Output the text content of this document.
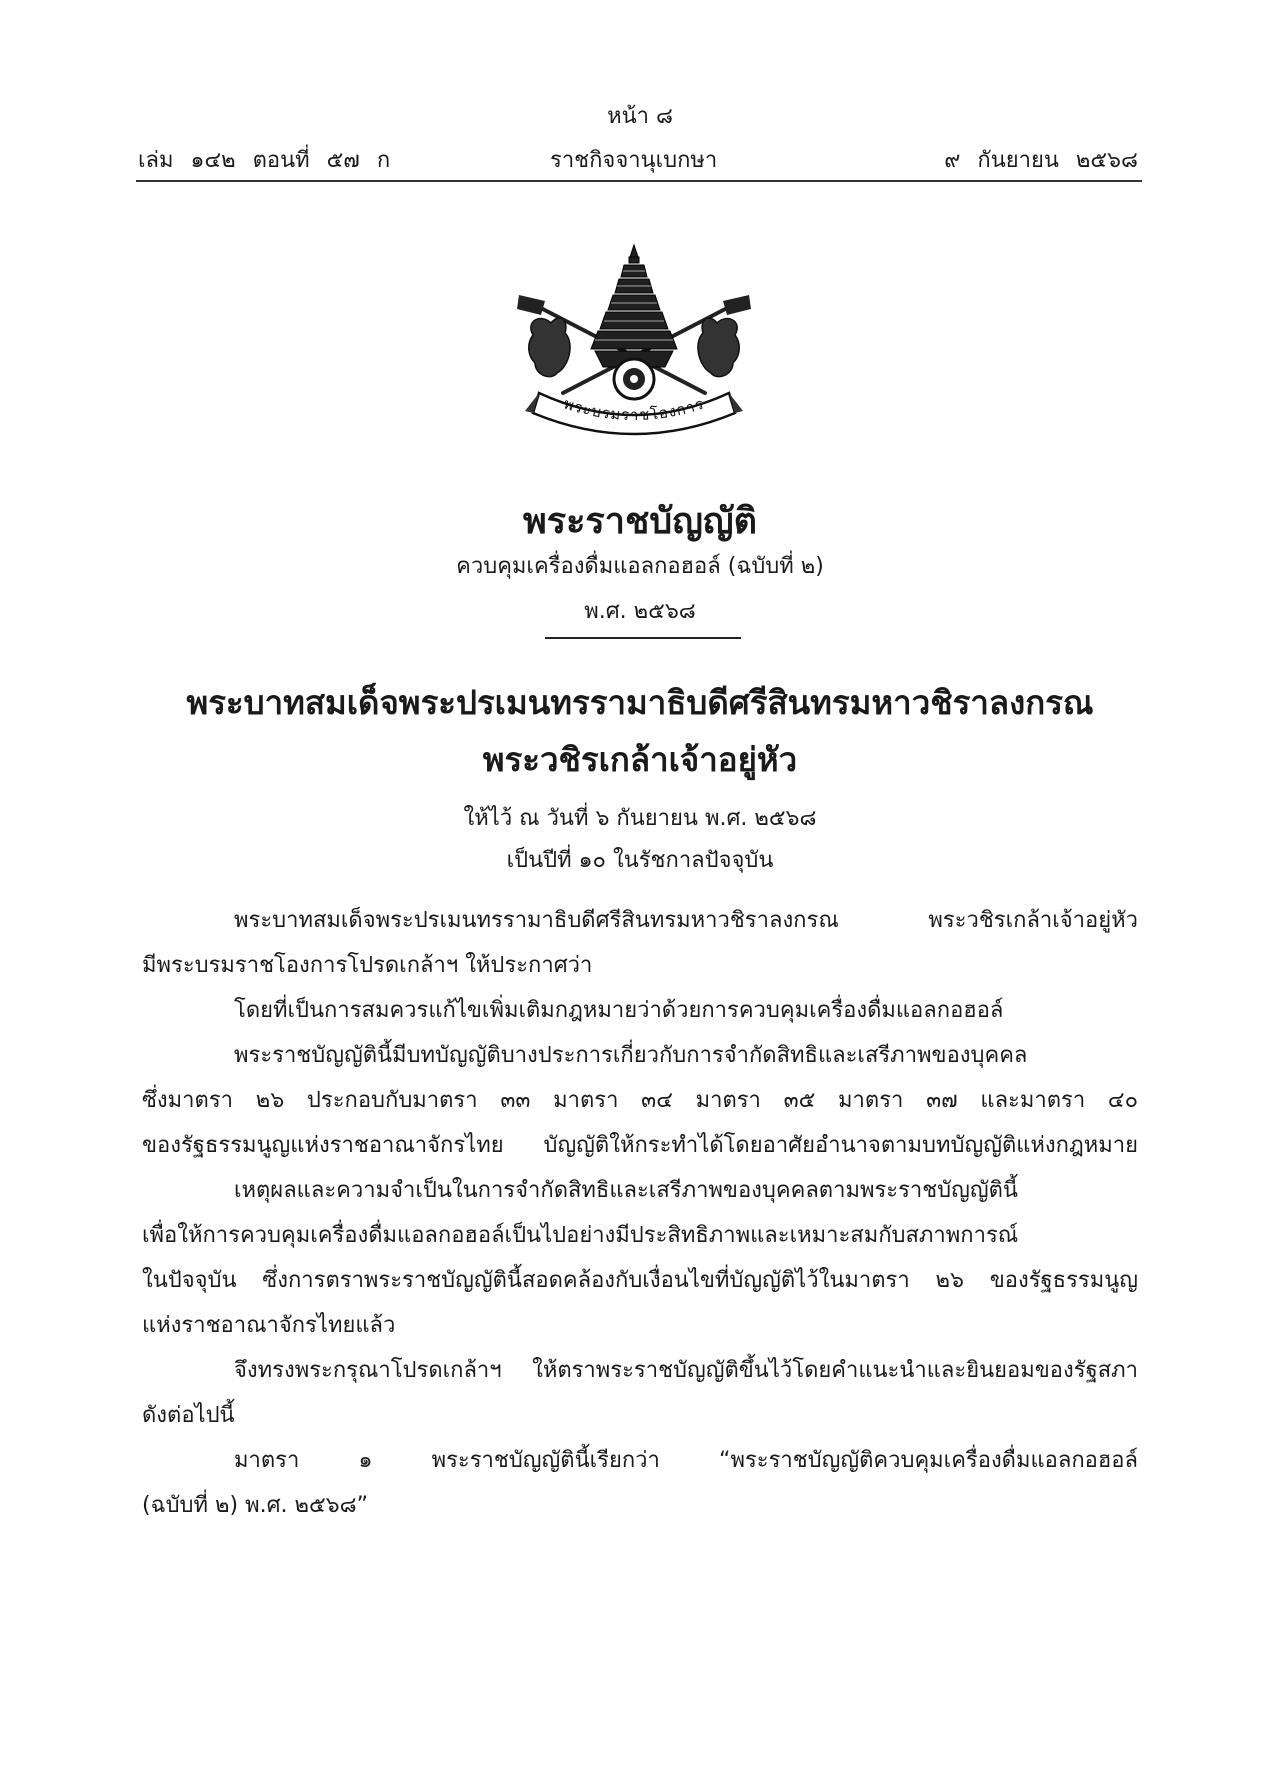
หน้า ๘
เล่ม ๑๔๒ ตอนที่ ๕๗ ก	ราชกิจจานุเบกษา	๙ กันยายน ๒๕๖๘
พระบรมราชโองการ
พระราชบัญญัติ
ควบคุมเครื่องดื่มแอลกอฮอล์ (ฉบับที่ ๒)
พ.ศ. ๒๕๖๘
พระบาทสมเด็จพระปรเมนทรรามาธิบดีศรีสินทรมหาวชิราลงกรณ
พระวชิรเกล้าเจ้าอยู่หัว
ให้ไว้ ณ วันที่ ๖ กันยายน พ.ศ. ๒๕๖๘
เป็นปีที่ ๑๐ ในรัชกาลปัจจุบัน
พระบาทสมเด็จพระปรเมนทรรามาธิบดีศรีสินทรมหาวชิราลงกรณ พระวชิรเกล้าเจ้าอยู่หัว
มีพระบรมราชโองการโปรดเกล้าฯ ให้ประกาศว่า
โดยที่เป็นการสมควรแก้ไขเพิ่มเติมกฎหมายว่าด้วยการควบคุมเครื่องดื่มแอลกอฮอล์
พระราชบัญญัตินี้มีบทบัญญัติบางประการเกี่ยวกับการจำกัดสิทธิและเสรีภาพของบุคคล
ซึ่งมาตรา ๒๖ ประกอบกับมาตรา ๓๓ มาตรา ๓๔ มาตรา ๓๕ มาตรา ๓๗ และมาตรา ๔๐
ของรัฐธรรมนูญแห่งราชอาณาจักรไทย บัญญัติให้กระทำได้โดยอาศัยอำนาจตามบทบัญญัติแห่งกฎหมาย
เหตุผลและความจำเป็นในการจำกัดสิทธิและเสรีภาพของบุคคลตามพระราชบัญญัตินี้
เพื่อให้การควบคุมเครื่องดื่มแอลกอฮอล์เป็นไปอย่างมีประสิทธิภาพและเหมาะสมกับสภาพการณ์
ในปัจจุบัน ซึ่งการตราพระราชบัญญัตินี้สอดคล้องกับเงื่อนไขที่บัญญัติไว้ในมาตรา ๒๖ ของรัฐธรรมนูญ
แห่งราชอาณาจักรไทยแล้ว
จึงทรงพระกรุณาโปรดเกล้าฯ ให้ตราพระราชบัญญัติขึ้นไว้โดยคำแนะนำและยินยอมของรัฐสภา
ดังต่อไปนี้
มาตรา ๑ พระราชบัญญัตินี้เรียกว่า “พระราชบัญญัติควบคุมเครื่องดื่มแอลกอฮอล์
(ฉบับที่ ๒) พ.ศ. ๒๕๖๘”
